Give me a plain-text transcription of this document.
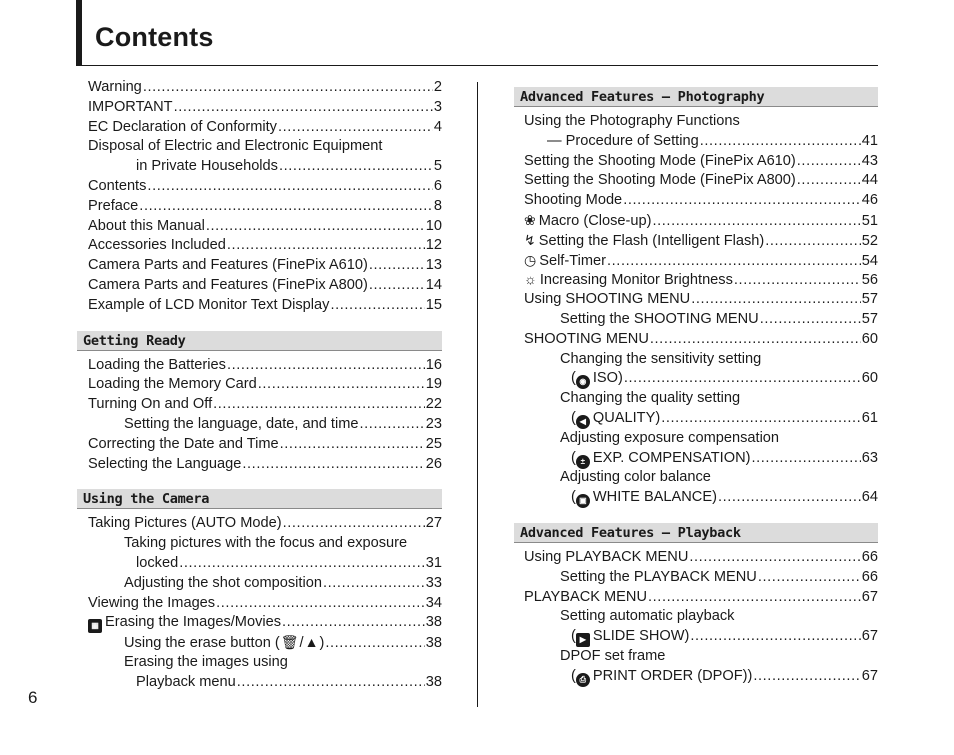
Contents
6
Warning .....	2
IMPORTANT .....	3
EC Declaration of Conformity .....	4
Disposal of Electric and Electronic Equipment
in Private Households .....	5
Contents .....	6
Preface .....	8
About this Manual .....	10
Accessories Included .....	12
Camera Parts and Features (FinePix A610) .....	13
Camera Parts and Features (FinePix A800) .....	14
Example of LCD Monitor Text Display .....	15
Getting Ready
Loading the Batteries .....	16
Loading the Memory Card .....	19
Turning On and Off .....	22
Setting the language, date, and time .....	23
Correcting the Date and Time .....	25
Selecting the Language .....	26
Using the Camera
Taking Pictures (AUTO Mode) .....	27
Taking pictures with the focus and exposure
locked .....	31
Adjusting the shot composition .....	33
Viewing the Images .....	34
▦ Erasing the Images/Movies .....	38
Using the erase button (🗑/▲) .....	38
Erasing the images using
Playback menu .....	38
Advanced Features — Photography
Using the Photography Functions
— Procedure of Setting .....	41
Setting the Shooting Mode (FinePix A610) .....	43
Setting the Shooting Mode (FinePix A800) .....	44
Shooting Mode .....	46
❀ Macro (Close-up) .....	51
↯ Setting the Flash (Intelligent Flash) .....	52
◷ Self-Timer .....	54
☼ Increasing Monitor Brightness .....	56
Using SHOOTING MENU .....	57
Setting the SHOOTING MENU .....	57
SHOOTING MENU .....	60
Changing the sensitivity setting
( ◉ ISO) .....	60
Changing the quality setting
( ◀ QUALITY) .....	61
Adjusting exposure compensation
( ± EXP. COMPENSATION) .....	63
Adjusting color balance
( ▣ WHITE BALANCE) .....	64
Advanced Features — Playback
Using PLAYBACK MENU .....	66
Setting the PLAYBACK MENU .....	66
PLAYBACK MENU .....	67
Setting automatic playback
( ▶ SLIDE SHOW) .....	67
DPOF set frame
( ⎙ PRINT ORDER (DPOF)) .....	67
